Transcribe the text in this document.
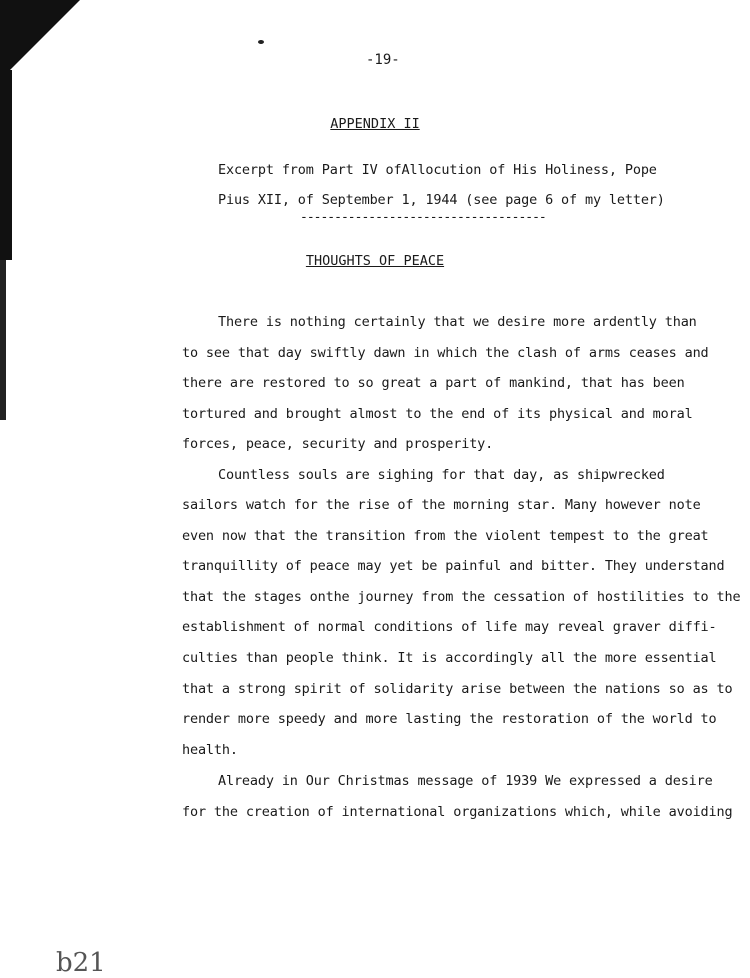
-19-
APPENDIX II
Excerpt from Part IV ofAllocution of His Holiness, Pope
Pius XII, of September 1, 1944 (see page 6 of my letter)
------------------------------------
THOUGHTS OF PEACE
There is nothing certainly that we desire more ardently than
to see that day swiftly dawn in which the clash of arms ceases and
there are restored to so great a part of mankind, that has been
tortured and brought almost to the end of its physical and moral
forces, peace, security and prosperity.
Countless souls are sighing for that day, as shipwrecked
sailors watch for the rise of the morning star. Many however note
even now that the transition from the violent tempest to the great
tranquillity of peace may yet be painful and bitter. They understand
that the stages onthe journey from the cessation of hostilities to the
establishment of normal conditions of life may reveal graver diffi-
culties than people think. It is accordingly all the more essential
that a strong spirit of solidarity arise between the nations so as to
render more speedy and more lasting the restoration of the world to
health.
Already in Our Christmas message of 1939 We expressed a desire
for the creation of international organizations which, while avoiding
b21
